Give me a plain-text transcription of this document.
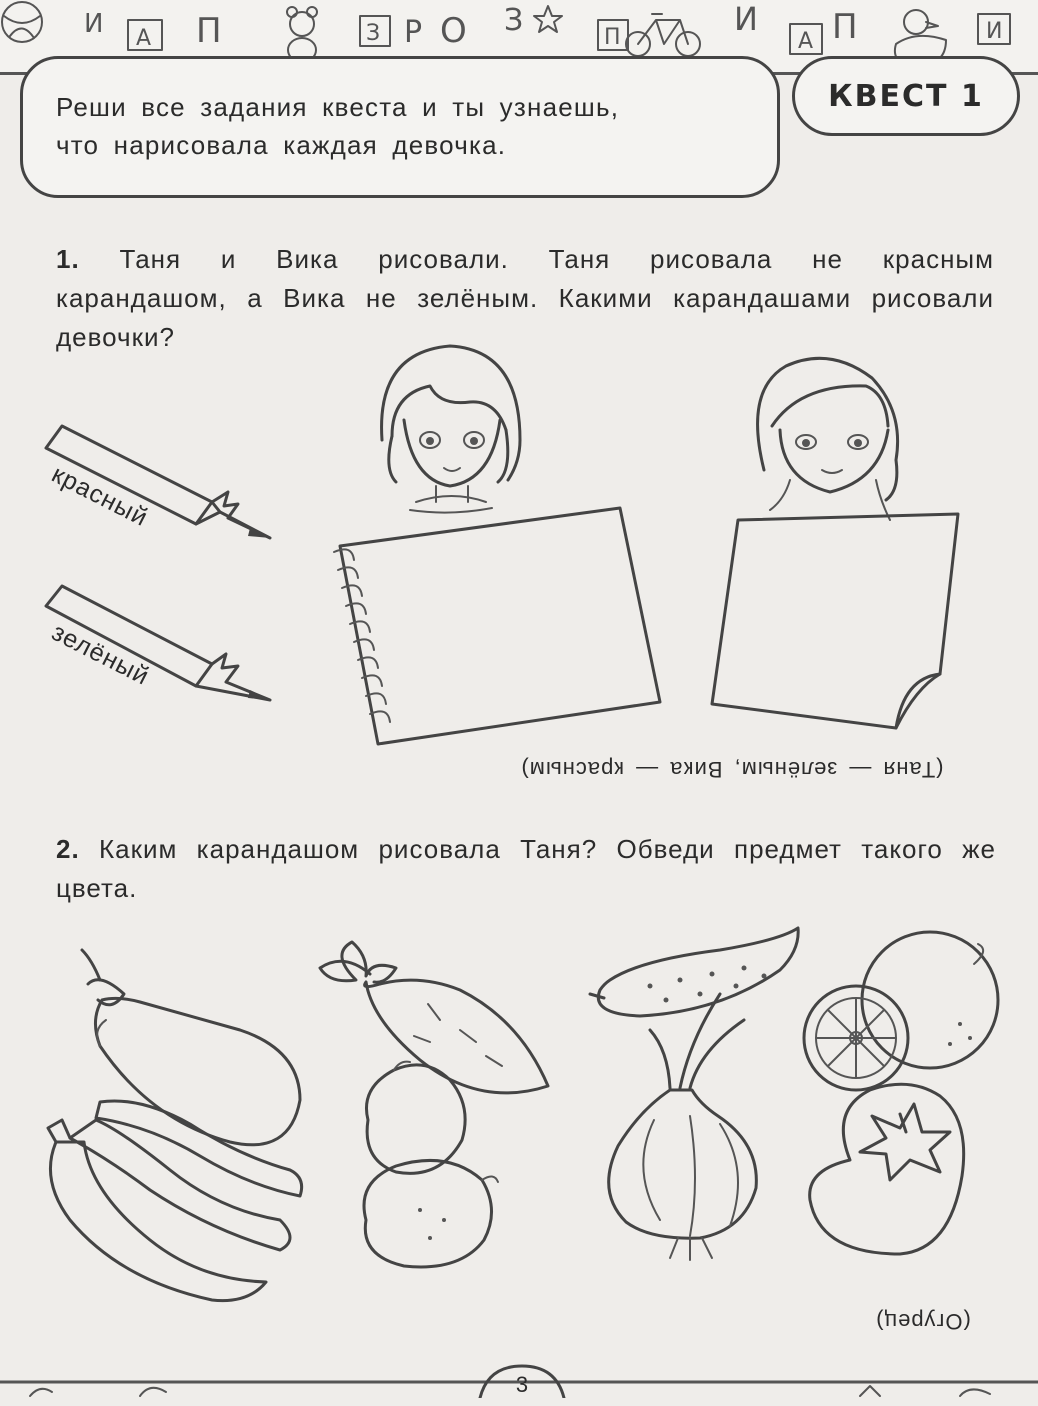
И А П	З Р О З	П	И
А П	И
Реши все задания квеста и ты узнаешь,
что нарисовала каждая девочка.
КВЕСТ 1
1. Таня и Вика рисовали. Таня рисовала не красным карандашом, а Вика не зелёным. Какими карандашами рисовали девочки?
красный
зелёный
(Таня — зелёным, Вика — красным)
2. Каким карандашом рисовала Таня? Обведи предмет такого же цвета.
(Огурец)
3
